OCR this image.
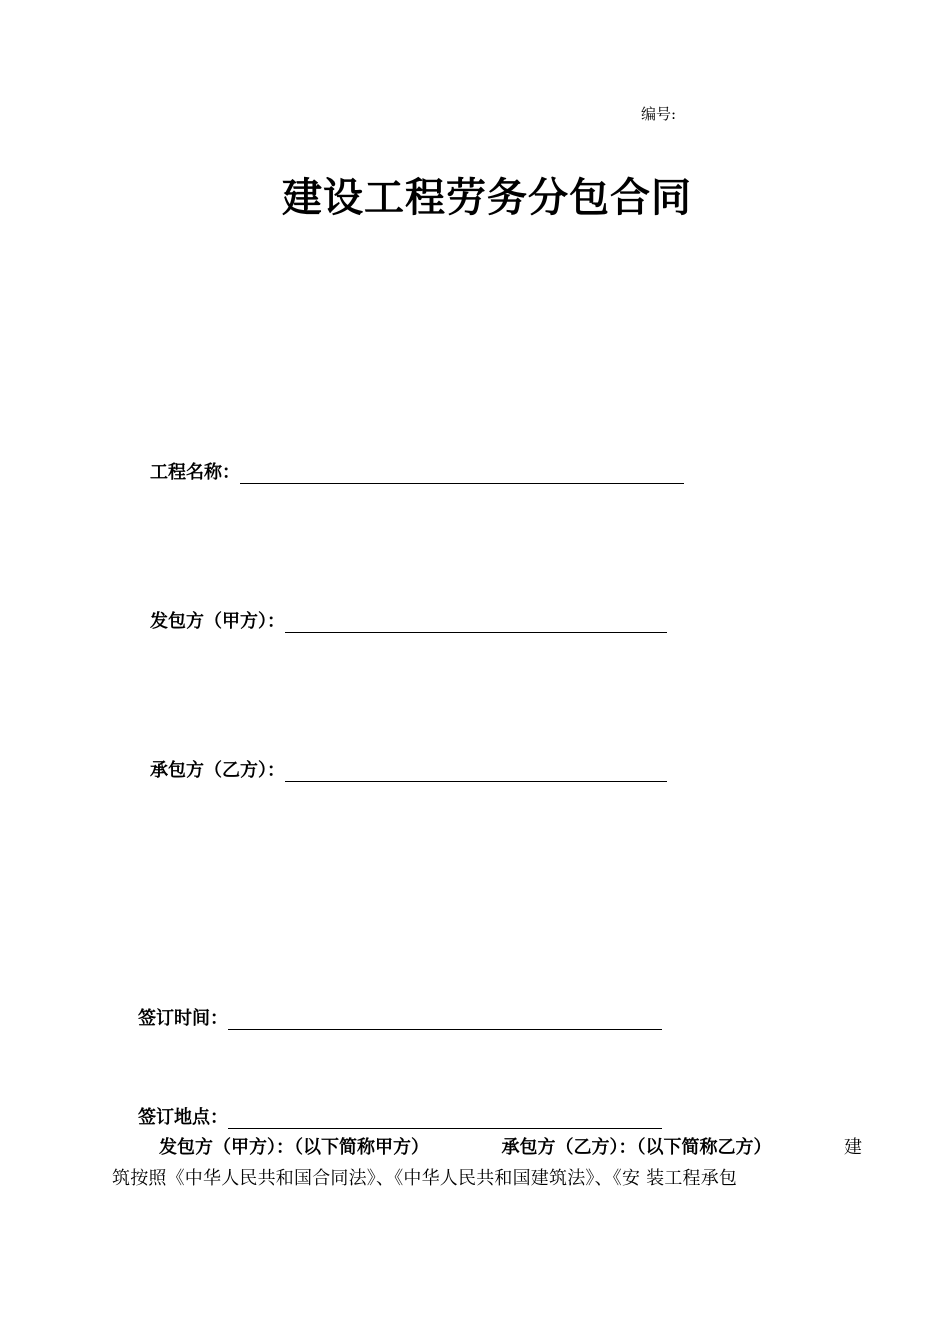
编号:
建设工程劳务分包合同
工程名称：
发包方（甲方）：
承包方（乙方）：
签订时间：
签订地点：
发包方（甲方）：（以下简称甲方）	承包方（乙方）：（以下简称乙方）	建
筑按照《中华人民共和国合同法》、《中华人民共和国建筑法》、《安 装工程承包
